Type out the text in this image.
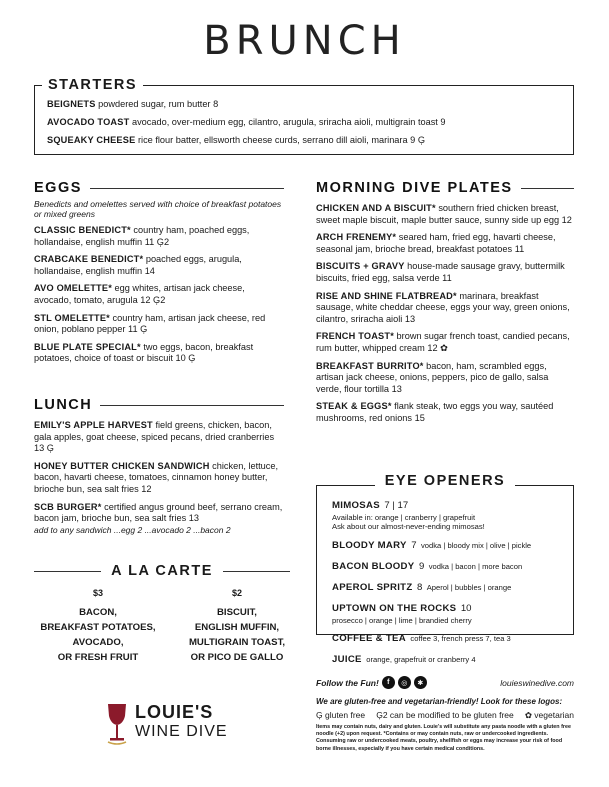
BRUNCH
STARTERS
BEIGNETS powdered sugar, rum butter 8
AVOCADO TOAST avocado, over-medium egg, cilantro, arugula, sriracha aioli, multigrain toast 9
SQUEAKY CHEESE rice flour batter, ellsworth cheese curds, serrano dill aioli, marinara 9 Ģ
EGGS
Benedicts and omelettes served with choice of breakfast potatoes or mixed greens
CLASSIC BENEDICT* country ham, poached eggs, hollandaise, english muffin 11 Ģ2
CRABCAKE BENEDICT* poached eggs, arugula, hollandaise, english muffin 14
AVO OMELETTE* egg whites, artisan jack cheese, avocado, tomato, arugula 12 Ģ2
STL OMELETTE* country ham, artisan jack cheese, red onion, poblano pepper 11 Ģ
BLUE PLATE SPECIAL* two eggs, bacon, breakfast potatoes, choice of toast or biscuit 10 Ģ
LUNCH
EMILY'S APPLE HARVEST field greens, chicken, bacon, gala apples, goat cheese, spiced pecans, dried cranberries 13 Ģ
HONEY BUTTER CHICKEN SANDWICH chicken, lettuce, bacon, havarti cheese, tomatoes, cinnamon honey butter, brioche bun, sea salt fries 12
SCB BURGER* certified angus ground beef, serrano cream, bacon jam, brioche bun, sea salt fries 13
add to any sandwich ...egg 2 ...avocado 2 ...bacon 2
A LA CARTE
$3
BACON,
BREAKFAST POTATOES,
AVOCADO,
OR FRESH FRUIT
$2
BISCUIT,
ENGLISH MUFFIN,
MULTIGRAIN TOAST,
OR PICO DE GALLO
LOUIE'S
WINE DIVE
MORNING DIVE PLATES
CHICKEN AND A BISCUIT* southern fried chicken breast, sweet maple biscuit, maple butter sauce, sunny side up egg 12
ARCH FRENEMY* seared ham, fried egg, havarti cheese, seasonal jam, brioche bread, breakfast potatoes 11
BISCUITS + GRAVY house-made sausage gravy, buttermilk biscuits, fried egg, salsa verde 11
RISE AND SHINE FLATBREAD* marinara, breakfast sausage, white cheddar cheese, eggs your way, green onions, cilantro, sriracha aioli 13
FRENCH TOAST* brown sugar french toast, candied pecans, rum butter, whipped cream 12 ✿
BREAKFAST BURRITO* bacon, ham, scrambled eggs, artisan jack cheese, onions, peppers, pico de gallo, salsa verde, flour tortilla 13
STEAK & EGGS* flank steak, two eggs you way, sautéed mushrooms, red onions 15
EYE OPENERS
MIMOSAS 7 | 17
Available in: orange | cranberry | grapefruit
Ask about our almost-never-ending mimosas!
BLOODY MARY 7 vodka | bloody mix | olive | pickle
BACON BLOODY 9 vodka | bacon | more bacon
APEROL SPRITZ 8 Aperol | bubbles | orange
UPTOWN ON THE ROCKS 10
prosecco | orange | lime | brandied cherry
COFFEE & TEA coffee 3, french press 7, tea 3
JUICE orange, grapefruit or cranberry 4
Follow the Fun!	f	◎	✱	louieswinedive.com
We are gluten-free and vegetarian-friendly! Look for these logos:
Ģ gluten free Ģ2 can be modified to be gluten free ✿ vegetarian
Items may contain nuts, dairy and gluten. Louie's will substitute any pasta noodle with a gluten free noodle (+2) upon request. *Contains or may contain nuts, raw or undercooked ingredients. Consuming raw or undercooked meats, poultry, shellfish or eggs may increase your risk of food borne illnesses, especially if you have certain medical conditions.
